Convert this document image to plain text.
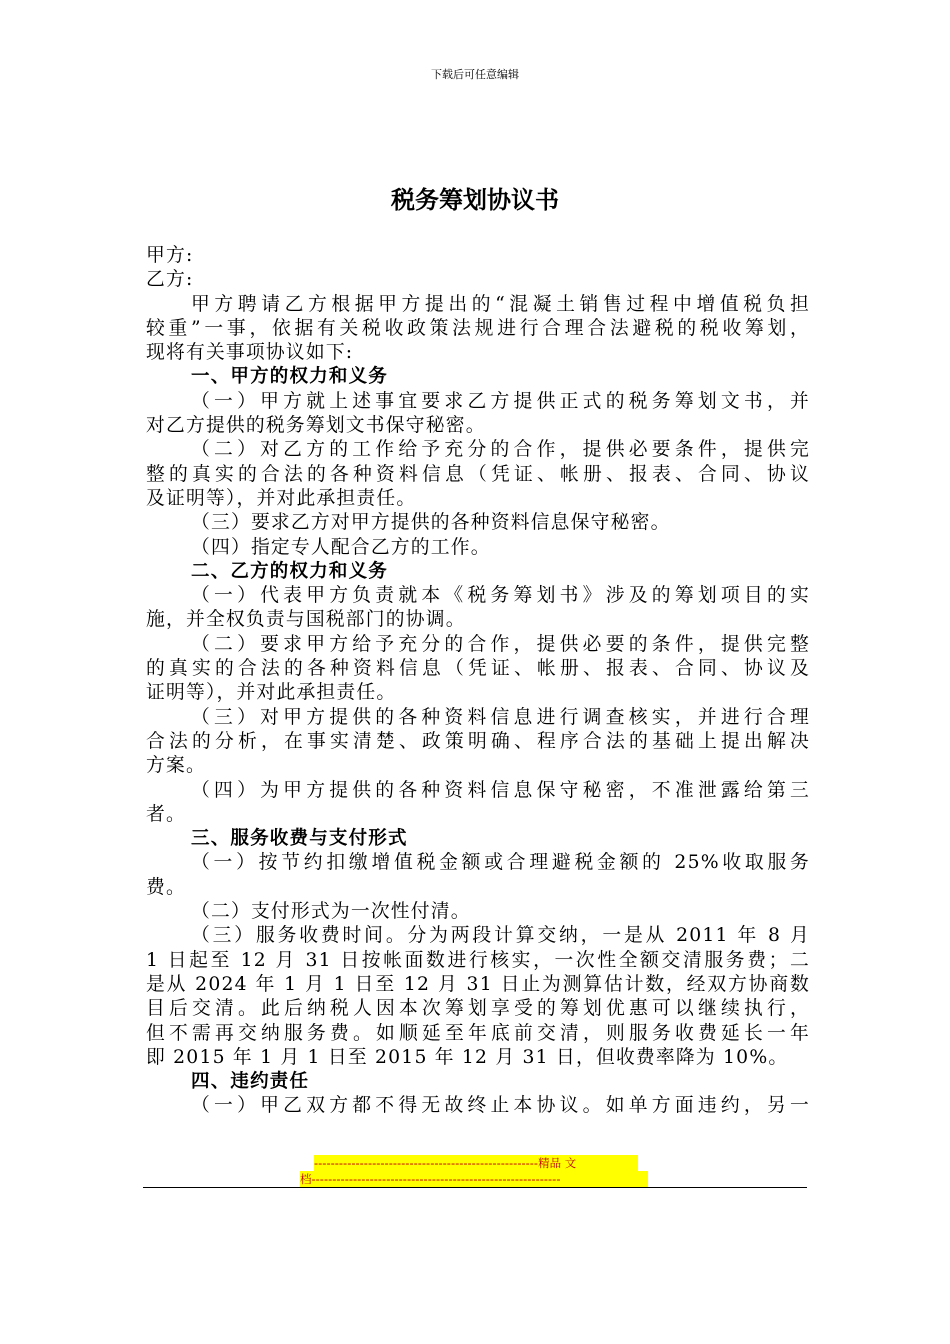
下载后可任意编辑
税务筹划协议书
甲方:
乙方:
甲方聘请乙方根据甲方提出的“混凝土销售过程中增值税负担
较重”一事，依据有关税收政策法规进行合理合法避税的税收筹划，
现将有关事项协议如下:
一、甲方的权力和义务
（一）甲方就上述事宜要求乙方提供正式的税务筹划文书，并
对乙方提供的税务筹划文书保守秘密。
（二）对乙方的工作给予充分的合作，提供必要条件，提供完
整的真实的合法的各种资料信息（凭证、帐册、报表、合同、协议
及证明等），并对此承担责任。
（三）要求乙方对甲方提供的各种资料信息保守秘密。
（四）指定专人配合乙方的工作。
二、乙方的权力和义务
（一）代表甲方负责就本《税务筹划书》涉及的筹划项目的实
施，并全权负责与国税部门的协调。
（二）要求甲方给予充分的合作，提供必要的条件，提供完整
的真实的合法的各种资料信息（凭证、帐册、报表、合同、协议及
证明等），并对此承担责任。
（三）对甲方提供的各种资料信息进行调查核实，并进行合理
合法的分析，在事实清楚、政策明确、程序合法的基础上提出解决
方案。
（四）为甲方提供的各种资料信息保守秘密，不准泄露给第三
者。
三、服务收费与支付形式
（一）按节约扣缴增值税金额或合理避税金额的 25%收取服务
费。
（二）支付形式为一次性付清。
（三）服务收费时间。分为两段计算交纳，一是从 2011 年 8 月
1 日起至 12 月 31 日按帐面数进行核实，一次性全额交清服务费；二
是从 2024 年 1 月 1 日至 12 月 31 日止为测算估计数，经双方协商数
目后交清。此后纳税人因本次筹划享受的筹划优惠可以继续执行，
但不需再交纳服务费。如顺延至年底前交清，则服务收费延长一年
即 2015 年 1 月 1 日至 2015 年 12 月 31 日，但收费率降为 10%。
四、违约责任
（一）甲乙双方都不得无故终止本协议。如单方面违约，另一
------------------------------------------------------精品 文
档------------------------------------------------------------
